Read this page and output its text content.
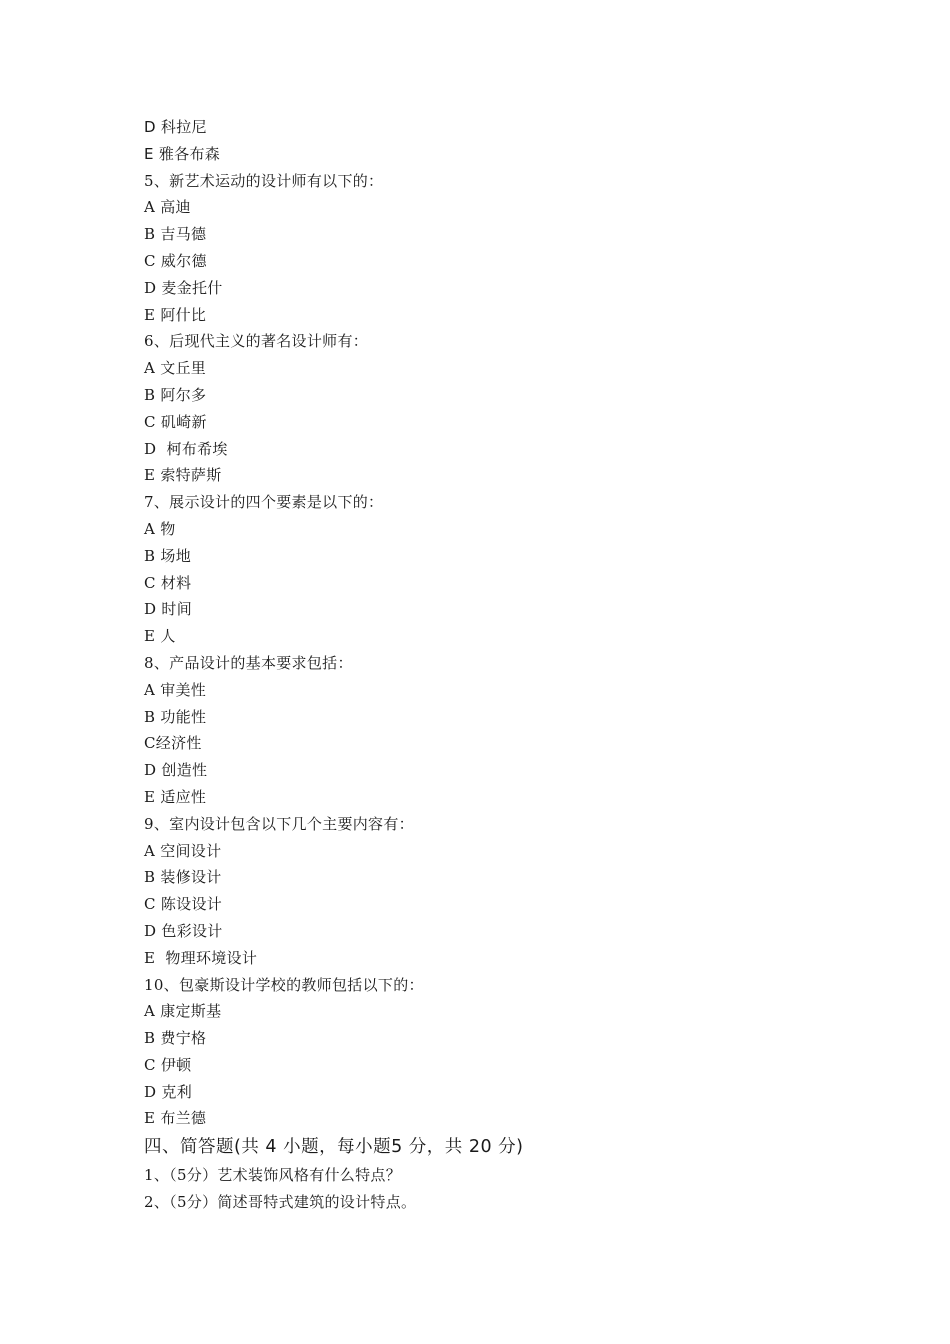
D 科拉尼
E 雅各布森
5、新艺术运动的设计师有以下的：
A 高迪
B 吉马德
C 威尔德
D 麦金托什
E 阿什比
6、后现代主义的著名设计师有：
A 文丘里
B 阿尔多
C 矶崎新
D  柯布希埃
E 索特萨斯
7、展示设计的四个要素是以下的：
A 物
B 场地
C 材料
D 时间
E 人
8、产品设计的基本要求包括：
A 审美性
B 功能性
C经济性
D 创造性
E 适应性
9、室内设计包含以下几个主要内容有：
A 空间设计
B 装修设计
C 陈设设计
D 色彩设计
E  物理环境设计
10、包豪斯设计学校的教师包括以下的：
A 康定斯基
B 费宁格
C 伊顿
D 克利
E 布兰德
四、简答题(共 4 小题，每小题5 分，共 20 分)
1、（5分）艺术装饰风格有什么特点？
2、（5分）简述哥特式建筑的设计特点。
